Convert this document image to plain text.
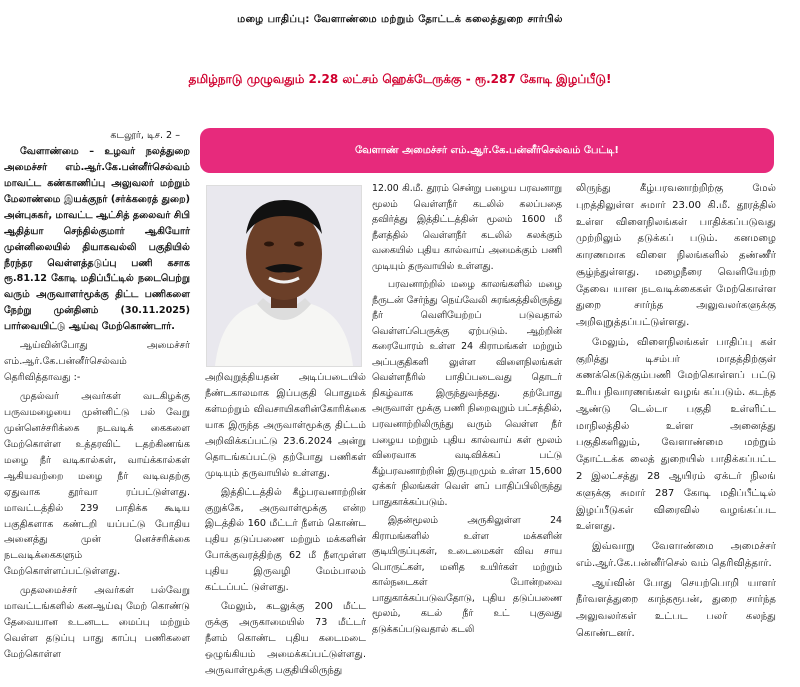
மழை பாதிப்பு: வேளாண்மை மற்றும் தோட்டக் கலைத்துறை சார்பில்
தமிழ்நாடு முழுவதும் 2.28 லட்சம் ஹெக்டேருக்கு - ரூ.287 கோடி இழப்பீடு!
வேளாண் அமைச்சர் எம்.ஆர்.கே.பன்னீர்செல்வம் பேட்டி!
கடலூர், டிச. 2 –

வேளாண்மை – உழவர் நலத்துறை அமைச்சர் எம்.ஆர்.கே.பன்னீர்செல்வம் மாவட்ட கண்காணிப்பு அலுவலர் மற்றும் மேலாண்மை இயக்குநர் (சர்க்கரைத் துறை) அன்புசுகர், மாவட்ட ஆட்சித் தலைவர் சிபி ஆதித்யா செந்தில்குமார் ஆகியோர் முன்னிலையில் தியாகவல்லி பகுதியில் நீரந்தர வெள்ளத்தடுப்பு பணி கசாக ரூ.81.12 கோடி மதிப்பீட்டில் நடைபெற்று வரும் அருவாளர்மூக்கு திட்ட பணிகளை நேற்று முன்தினம் (30.11.2025) பார்வையிட்டு ஆய்வு மேற்கொண்டார்.

ஆய்வின்போது அமைச்சர் எம்.ஆர்.கே.பன்னீர்செல்வம் தெரிவித்தாவது :-

முதல்வர் அவர்கள் வடகிழக்கு பருவமழையை முன்னிட்டு பல் வேறு முன்னெச்சரிக்கை நடவடிக் கைகளை மேற்கொள்ள உத்தரவிட் டதற்கிணங்க மழை நீர் வடிகால்கள், வாய்க்கால்கள் ஆகியவற்றை மழை நீர் வடிவதற்கு ஏதுவாக தூர்வா ரப்பட்டுள்ளது. மாவட்டத்தில் 239 பாதிக்க கூடிய பகுதிகளாக கண்டறி யப்பட்டு போதிய அனைத்து முன் னெச்சரிக்கை நடவடிக்கைகளும் மேற்கொள்ளப்பட்டுள்ளது.

முதலமைச்சர் அவர்கள் பல்வேறு மாவட்டங்களில் கனஆய்வு மேற் கொண்டு தேவையான உடனடட மைப்பு மற்றும் வெள்ள தடுப்பு பாது காப்பு பணிகளை மேற்கொள்ள

அறிவுறுத்தியதன் அடிப்படையில் நீண்டகாலமாக இப்பகுதி பொதுமக் கள்மற்றும் விவசாயிகளின்கோரிக்கை யாக இருந்த அருவாள்மூக்கு திட்டம் அறிவிக்கப்பட்டு 23.6.2024 அன்று தொடங்கப்பட்டு தற்போது பணிகள் முடியும் தருவாயில் உள்ளது.

இத்திட்டத்தில் கீழ்பரவனாற்றின் குறுக்கே, அருவாள்மூக்கு என்ற இடத்தில் 160 மீட்டர் நீளம் கொண்ட புதிய தடுப்பணை மற்றும் மக்களின் போக்குவரத்திற்கு 62 மீ நீளமுள்ள புதிய இருவழி மேம்பாலம் கட்டப்பட் டுள்ளது.

மேலும், கடலுக்கு 200 மீட்ட ருக்கு அருகாமையில் 73 மீட்டர் நீளம் கொண்ட புதிய கடைமடை ஒழுங்கியம் அமைக்கப்பட்டுள்ளது. அருவாள்மூக்கு பகுதியிலிருந்து

12.00 கி.மீ. தூரம் சென்று பழைய பரவனாறு மூலம் வெள்ளநீர் கடலில் கலப்பதை தவிர்த்து இத்திட்டத்தின் மூலம் 1600 மீ நீளத்தில் வெள்ளநீர் கடலில் கலக்கும் வகையில் புதிய கால்வாய் அமைக்கும் பணி முடியும் தருவாயில் உள்ளது.

பரவனாற்றில் மழை காலங்களில் மழை நீருடன் சேர்ந்து நெய்வேலி சுரங்கத்திலிருந்து நீர் வெளியேற்றப் படுவதால் வெள்ளப்பெருக்கு ஏற்படும். ஆற்றின் கரையோரம் உள்ள 24 கிராமங்கள் மற்றும் அப்பகுதிகளி லுள்ள விளைநிலங்கள் வெள்ளநீரில் பாதிப்படைவது தொடர் நிகழ்வாக இருந்துவந்தது. தற்போது அருவாள் மூக்கு பணி நிறைவுறும் பட்சத்தில், பரவனாற்றிலிருந்து வரும் வெள்ள நீர் பழைய மற்றும் புதிய கால்வாய் கள் மூலம் விரைவாக வடிவிக்கப் பட்டு கீழ்பரவனாற்றின் இருபுறமும் உள்ள 15,600 ஏக்கர் நிலங்கள் வெள் ளப் பாதிப்பிலிருந்து பாதுகாக்கப்படும்.

இதன்மூலம் அருகிலுள்ள 24 கிராமங்களில் உள்ள மக்களின் குடியிருப்புகள், உடைமைகள் விவ சாய பொருட்கள், மனித உயிர்கள் மற்றும் கால்நடைகள் போன்றவை பாதுகாக்கப்படுவதோடு, புதிய தடுப்பணை மூலம், கடல் நீர் உட் புகுவது தடுக்கப்படுவதால் கடலி

லிருந்து கீழ்பரவனாற்றிற்கு மேல் புறத்திலுள்ள சுமார் 23.00 கி.மீ. தூரத்தில் உள்ள விளைநிலங்கள் பாதிக்கப்படுவது முற்றிலும் தடுக்கப் படும். கனமழை காரணமாக விளை நிலங்களில் தண்ணீர் சூழ்ந்துள்ளது. மழைநீரை வெளியேற்ற தேவை யான நடவடிக்கைகள் மேற்கொள்ள துறை சார்ந்த அலுவலர்களுக்கு அறிவுறுத்தப்பட்டுள்ளது.

மேலும், விளைநிலங்கள் பாதிப்பு கள் குறித்து டிசம்பர் மாதத்திற்குள் கணக்கெடுக்கும்பணி மேற்கொள்ளப் பட்டு உரிய நிவாரணங்கள் வழங் கப்படும். கடந்த ஆண்டு டெல்டா பகுதி உள்ளிட்ட மாநிலத்தில் உள்ள அனைத்து பகுதிகளிலும், வேளாண்மை மற்றும் தோட்டக்க லைத் துறையில் பாதிக்கப்பட்ட 2 இலட்சத்து 28 ஆயிரம் ஏக்டர் நிலங் களுக்கு சுமார் 287 கோடி மதிப்பீட்டில் இழப்பீடுகள் விரைவில் வழங்கப்பட உள்ளது.

இவ்வாறு வேளாண்மை அமைச்சர் எம்.ஆர்.கே.பன்னீர்செல் வம் தெரிவித்தார்.

ஆய்வின் போது செயற்பொறி யாளர் நீர்வளத்துறை காந்தரூபன், துறை சார்ந்த அலுவலர்கள் உட்பட பலர் கலந்து கொண்டனர்.
